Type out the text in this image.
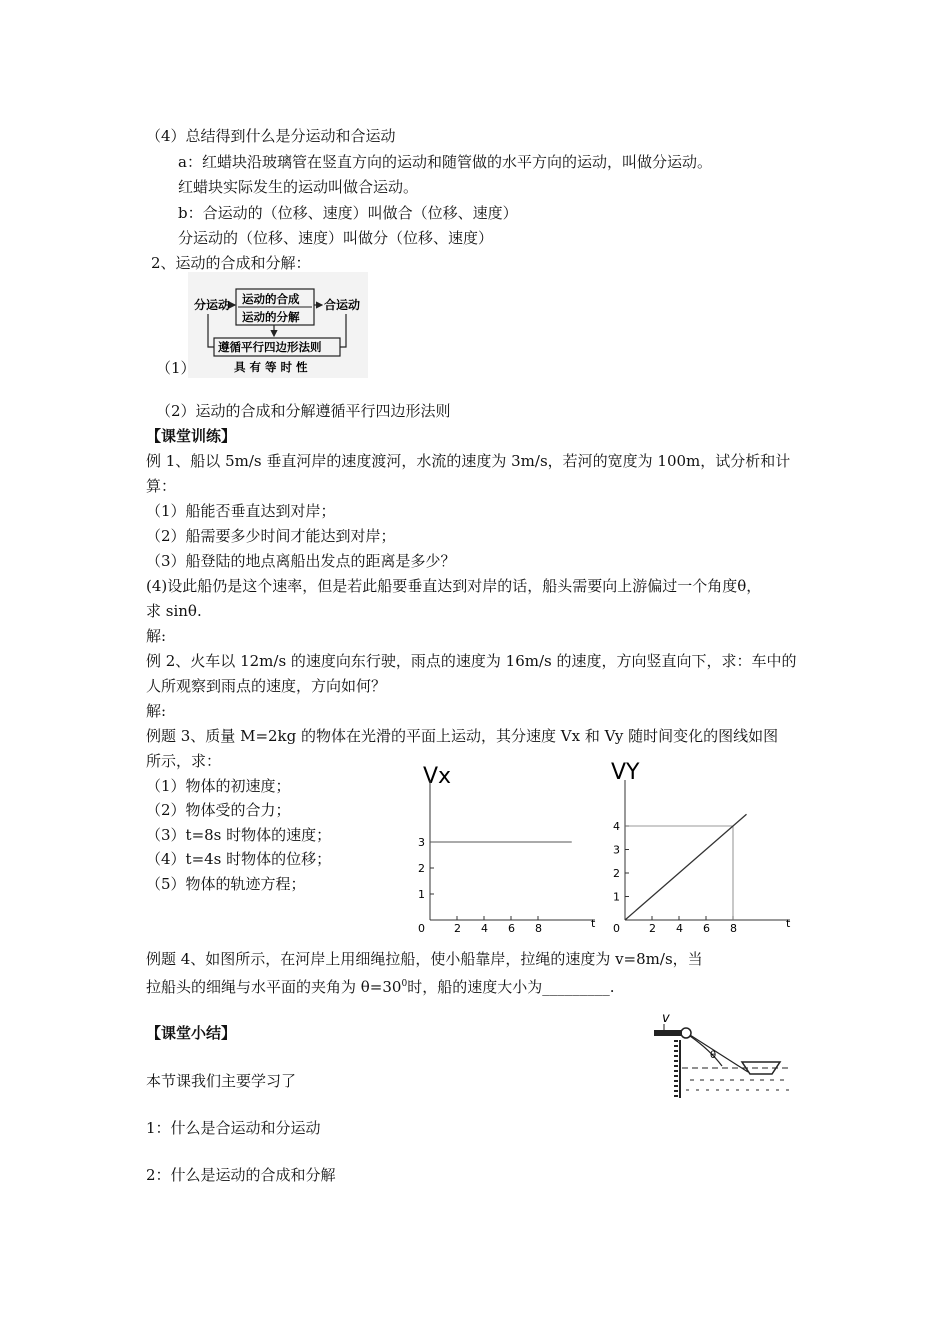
（4）总结得到什么是分运动和合运动
a：红蜡块沿玻璃管在竖直方向的运动和随管做的水平方向的运动，叫做分运动。
红蜡块实际发生的运动叫做合运动。
b：合运动的（位移、速度）叫做合（位移、速度）
分运动的（位移、速度）叫做分（位移、速度）
2、运动的合成和分解：
分运动 运动的合成
运动的分解
合运动
遵循平行四边形法则
具 有 等 时 性
（1）
（2）运动的合成和分解遵循平行四边形法则
【课堂训练】
例 1、船以 5m/s 垂直河岸的速度渡河，水流的速度为 3m/s，若河的宽度为 100m，试分析和计
算：
（1）船能否垂直达到对岸；
（2）船需要多少时间才能达到对岸；
（3）船登陆的地点离船出发点的距离是多少？
(4)设此船仍是这个速率，但是若此船要垂直达到对岸的话，船头需要向上游偏过一个角度θ，
求 sinθ.
解:
例 2、火车以 12m/s 的速度向东行驶，雨点的速度为 16m/s 的速度，方向竖直向下，求：车中的
人所观察到雨点的速度，方向如何？
解:
例题 3、质量 M=2kg 的物体在光滑的平面上运动，其分速度 Vx 和 Vy 随时间变化的图线如图
所示，求：
（1）物体的初速度；
（2）物体受的合力；
（3）t=8s 时物体的速度；
（4）t=4s 时物体的位移；
（5）物体的轨迹方程；
Vx
0	2 4 6 8
1
2
3
t
VY
0	2 4 6 8
1
2
3
4
t
例题 4、如图所示，在河岸上用细绳拉船，使小船靠岸，拉绳的速度为 v=8m/s，当
拉船头的细绳与水平面的夹角为 $\theta=30^0$时，船的速度大小为_________.
v
θ
【课堂小结】
本节课我们主要学习了
1：什么是合运动和分运动
2：什么是运动的合成和分解
